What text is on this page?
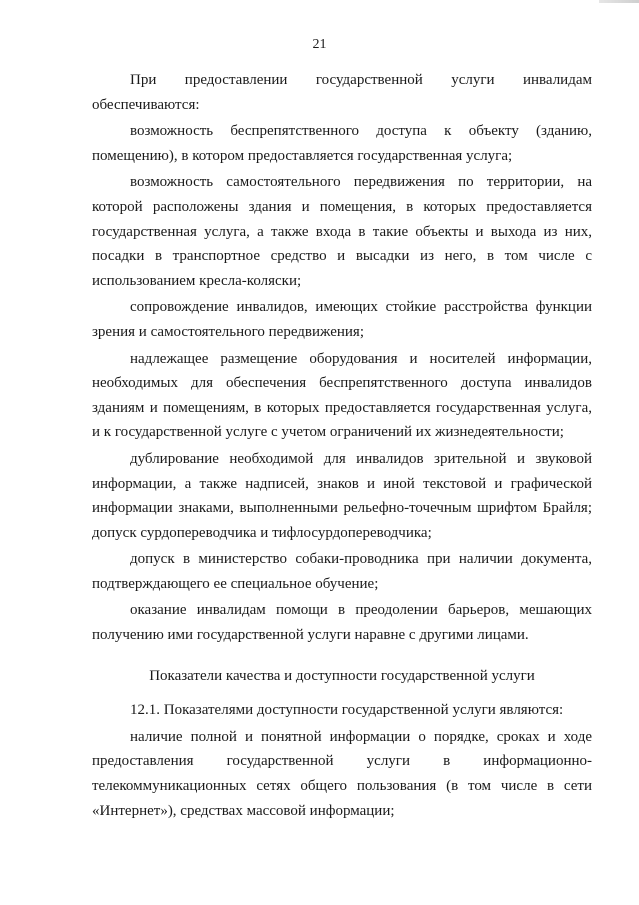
21

При предоставлении государственной услуги инвалидам обеспечиваются:

возможность беспрепятственного доступа к объекту (зданию, помещению), в котором предоставляется государственная услуга;

возможность самостоятельного передвижения по территории, на которой расположены здания и помещения, в которых предоставляется государственная услуга, а также входа в такие объекты и выхода из них, посадки в транспортное средство и высадки из него, в том числе с использованием кресла-коляски;

сопровождение инвалидов, имеющих стойкие расстройства функции зрения и самостоятельного передвижения;

надлежащее размещение оборудования и носителей информации, необходимых для обеспечения беспрепятственного доступа инвалидов зданиям и помещениям, в которых предоставляется государственная услуга, и к государственной услуге с учетом ограничений их жизнедеятельности;

дублирование необходимой для инвалидов зрительной и звуковой информации, а также надписей, знаков и иной текстовой и графической информации знаками, выполненными рельефно-точечным шрифтом Брайля; допуск сурдопереводчика и тифлосурдопереводчика;

допуск в министерство собаки-проводника при наличии документа, подтверждающего ее специальное обучение;

оказание инвалидам помощи в преодолении барьеров, мешающих получению ими государственной услуги наравне с другими лицами.

Показатели качества и доступности государственной услуги

12.1. Показателями доступности государственной услуги являются:

наличие полной и понятной информации о порядке, сроках и ходе предоставления государственной услуги в информационно-телекоммуникационных сетях общего пользования (в том числе в сети «Интернет»), средствах массовой информации;
